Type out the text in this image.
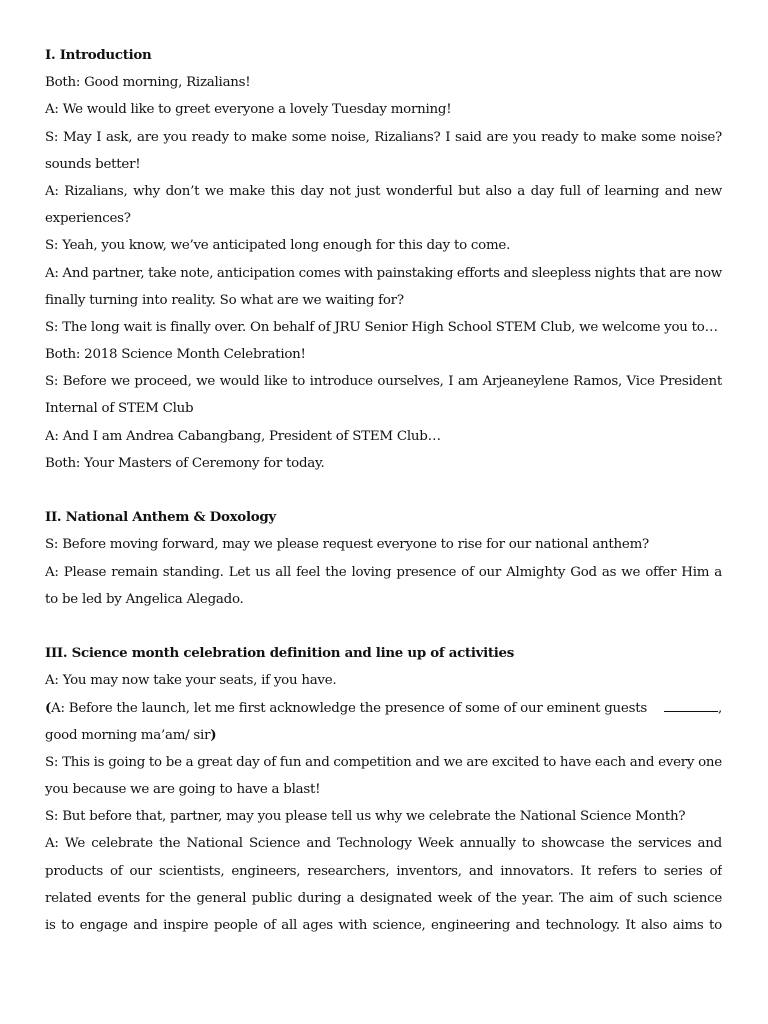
I. Introduction
Both: Good morning, Rizalians!
A: We would like to greet everyone a lovely Tuesday morning!
S: May I ask, are you ready to make some noise, Rizalians? I said are you ready to make some noise?
sounds better!
A: Rizalians, why don’t we make this day not just wonderful but also a day full of learning and new
experiences?
S: Yeah, you know, we’ve anticipated long enough for this day to come.
A: And partner, take note, anticipation comes with painstaking efforts and sleepless nights that are now
finally turning into reality. So what are we waiting for?
S: The long wait is finally over. On behalf of JRU Senior High School STEM Club, we welcome you to…
Both: 2018 Science Month Celebration!
S: Before we proceed, we would like to introduce ourselves, I am Arjeaneylene Ramos, Vice President
Internal of STEM Club
A: And I am Andrea Cabangbang, President of STEM Club…
Both: Your Masters of Ceremony for today.
II. National Anthem & Doxology
S: Before moving forward, may we please request everyone to rise for our national anthem?
A: Please remain standing. Let us all feel the loving presence of our Almighty God as we offer Him a
to be led by Angelica Alegado.
III. Science month celebration definition and line up of activities
A: You may now take your seats, if you have.
(A: Before the launch, let me first acknowledge the presence of some of our eminent guests	,
good morning ma’am/ sir)
S: This is going to be a great day of fun and competition and we are excited to have each and every one
you because we are going to have a blast!
S: But before that, partner, may you please tell us why we celebrate the National Science Month?
A: We celebrate the National Science and Technology Week annually to showcase the services and
products of our scientists, engineers, researchers, inventors, and innovators. It refers to series of
related events for the general public during a designated week of the year. The aim of such science
is to engage and inspire people of all ages with science, engineering and technology. It also aims to
